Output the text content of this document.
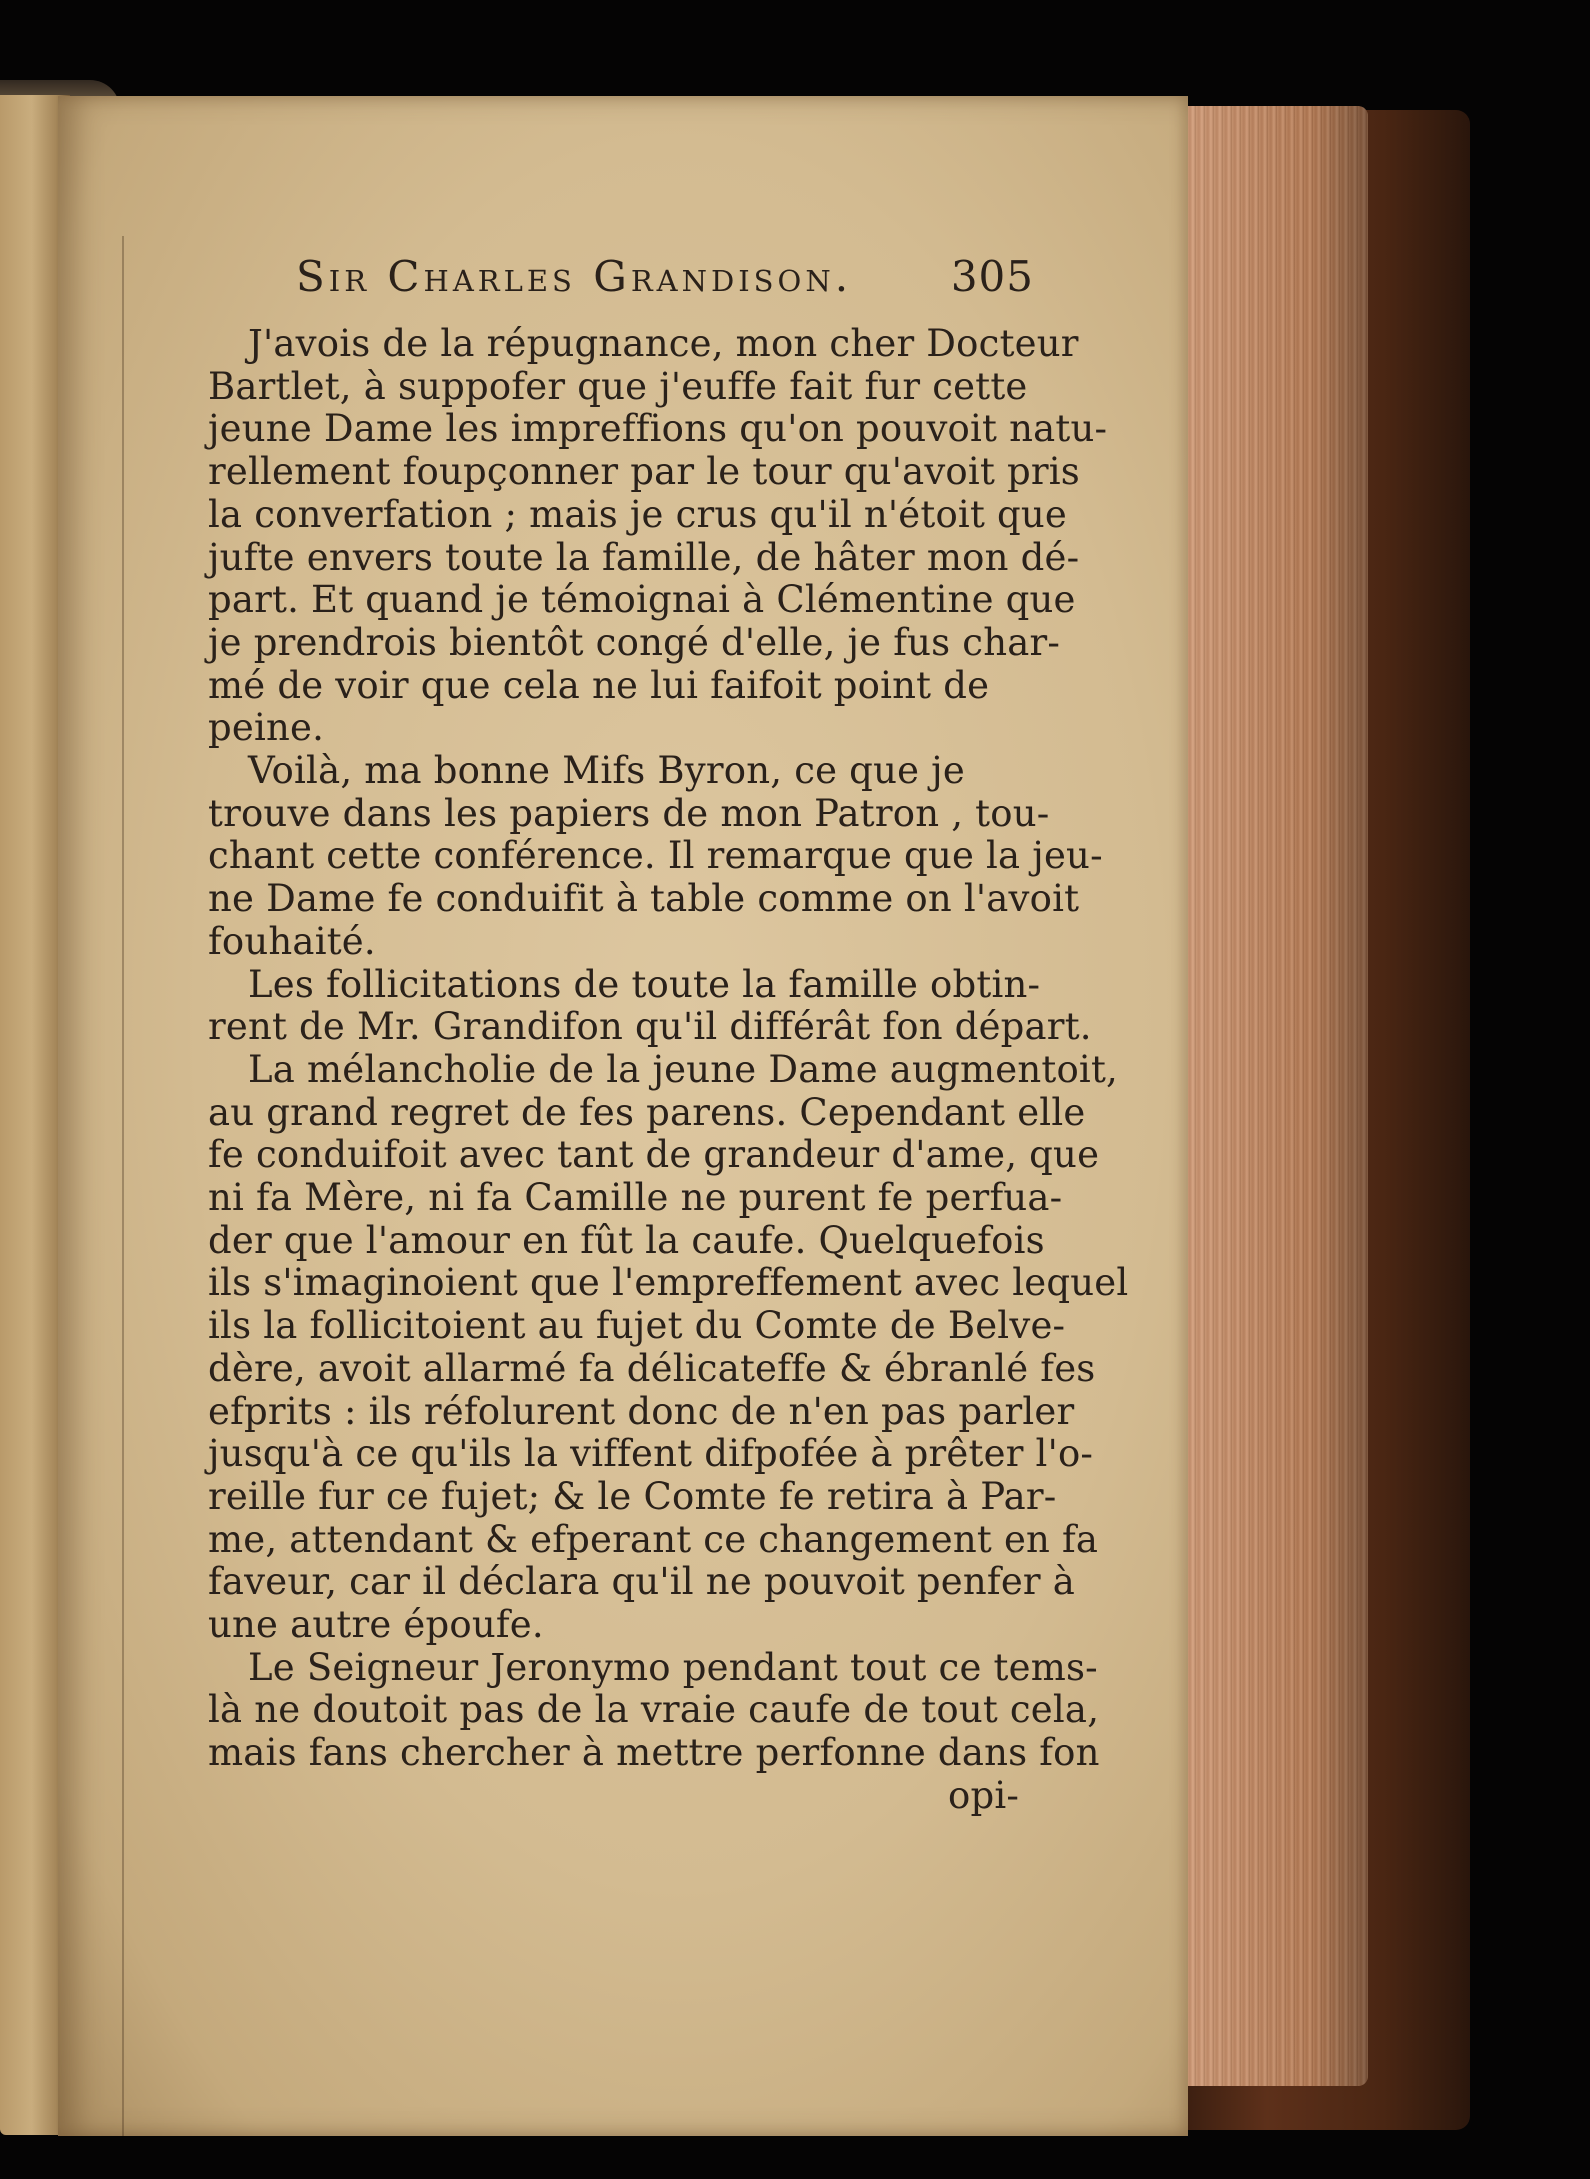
Sir Charles Grandison. 305
J'avois de la répugnance, mon cher Docteur
Bartlet, à suppofer que j'euffe fait fur cette
jeune Dame les impreffions qu'on pouvoit natu-
rellement foupçonner par le tour qu'avoit pris
la converfation ; mais je crus qu'il n'étoit que
jufte envers toute la famille, de hâter mon dé-
part. Et quand je témoignai à Clémentine que
je prendrois bientôt congé d'elle, je fus char-
mé de voir que cela ne lui faifoit point de
peine.
Voilà, ma bonne Mifs Byron, ce que je
trouve dans les papiers de mon Patron , tou-
chant cette conférence. Il remarque que la jeu-
ne Dame fe conduifit à table comme on l'avoit
fouhaité.
Les follicitations de toute la famille obtin-
rent de Mr. Grandifon qu'il différât fon départ.
La mélancholie de la jeune Dame augmentoit,
au grand regret de fes parens. Cependant elle
fe conduifoit avec tant de grandeur d'ame, que
ni fa Mère, ni fa Camille ne purent fe perfua-
der que l'amour en fût la caufe. Quelquefois
ils s'imaginoient que l'empreffement avec lequel
ils la follicitoient au fujet du Comte de Belve-
dère, avoit allarmé fa délicateffe & ébranlé fes
efprits : ils réfolurent donc de n'en pas parler
jusqu'à ce qu'ils la viffent difpofée à prêter l'o-
reille fur ce fujet; & le Comte fe retira à Par-
me, attendant & efperant ce changement en fa
faveur, car il déclara qu'il ne pouvoit penfer à
une autre époufe.
Le Seigneur Jeronymo pendant tout ce tems-
là ne doutoit pas de la vraie caufe de tout cela,
mais fans chercher à mettre perfonne dans fon
opi-
